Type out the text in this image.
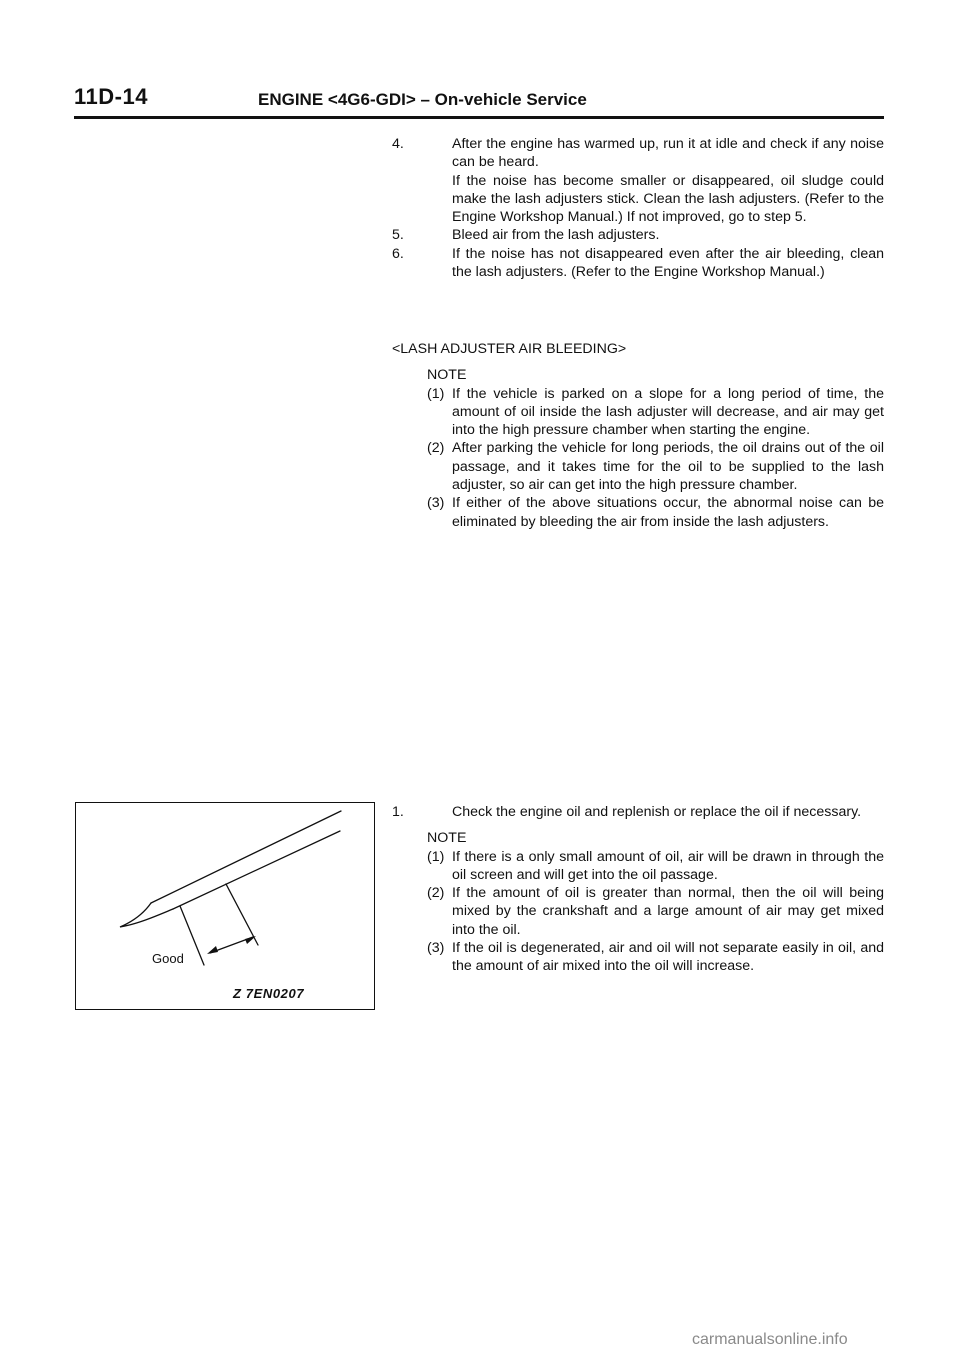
11D-14	ENGINE <4G6-GDI> – On-vehicle Service
4.	After the engine has warmed up, run it at idle and check if any noise can be heard.
If the noise has become smaller or disappeared, oil sludge could make the lash adjusters stick. Clean the lash adjusters. (Refer to the Engine Workshop Manual.) If not improved, go to step 5.
5.	Bleed air from the lash adjusters.
6.	If the noise has not disappeared even after the air bleeding, clean the lash adjusters. (Refer to the Engine Workshop Manual.)
<LASH ADJUSTER AIR BLEEDING>
NOTE
(1) If the vehicle is parked on a slope for a long period of time, the amount of oil inside the lash adjuster will decrease, and air may get into the high pressure chamber when starting the engine.
(2) After parking the vehicle for long periods, the oil drains out of the oil passage, and it takes time for the oil to be supplied to the lash adjuster, so air can get into the high pressure chamber.
(3) If either of the above situations occur, the abnormal noise can be eliminated by bleeding the air from inside the lash adjusters.
1.	Check the engine oil and replenish or replace the oil if necessary.
NOTE
(1) If there is a only small amount of oil, air will be drawn in through the oil screen and will get into the oil passage.
(2) If the amount of oil is greater than normal, then the oil will being mixed by the crankshaft and a large amount of air may get mixed into the oil.
(3) If the oil is degenerated, air and oil will not separate easily in oil, and the amount of air mixed into the oil will increase.
Good
Z 7EN0207
carmanualsonline.info
